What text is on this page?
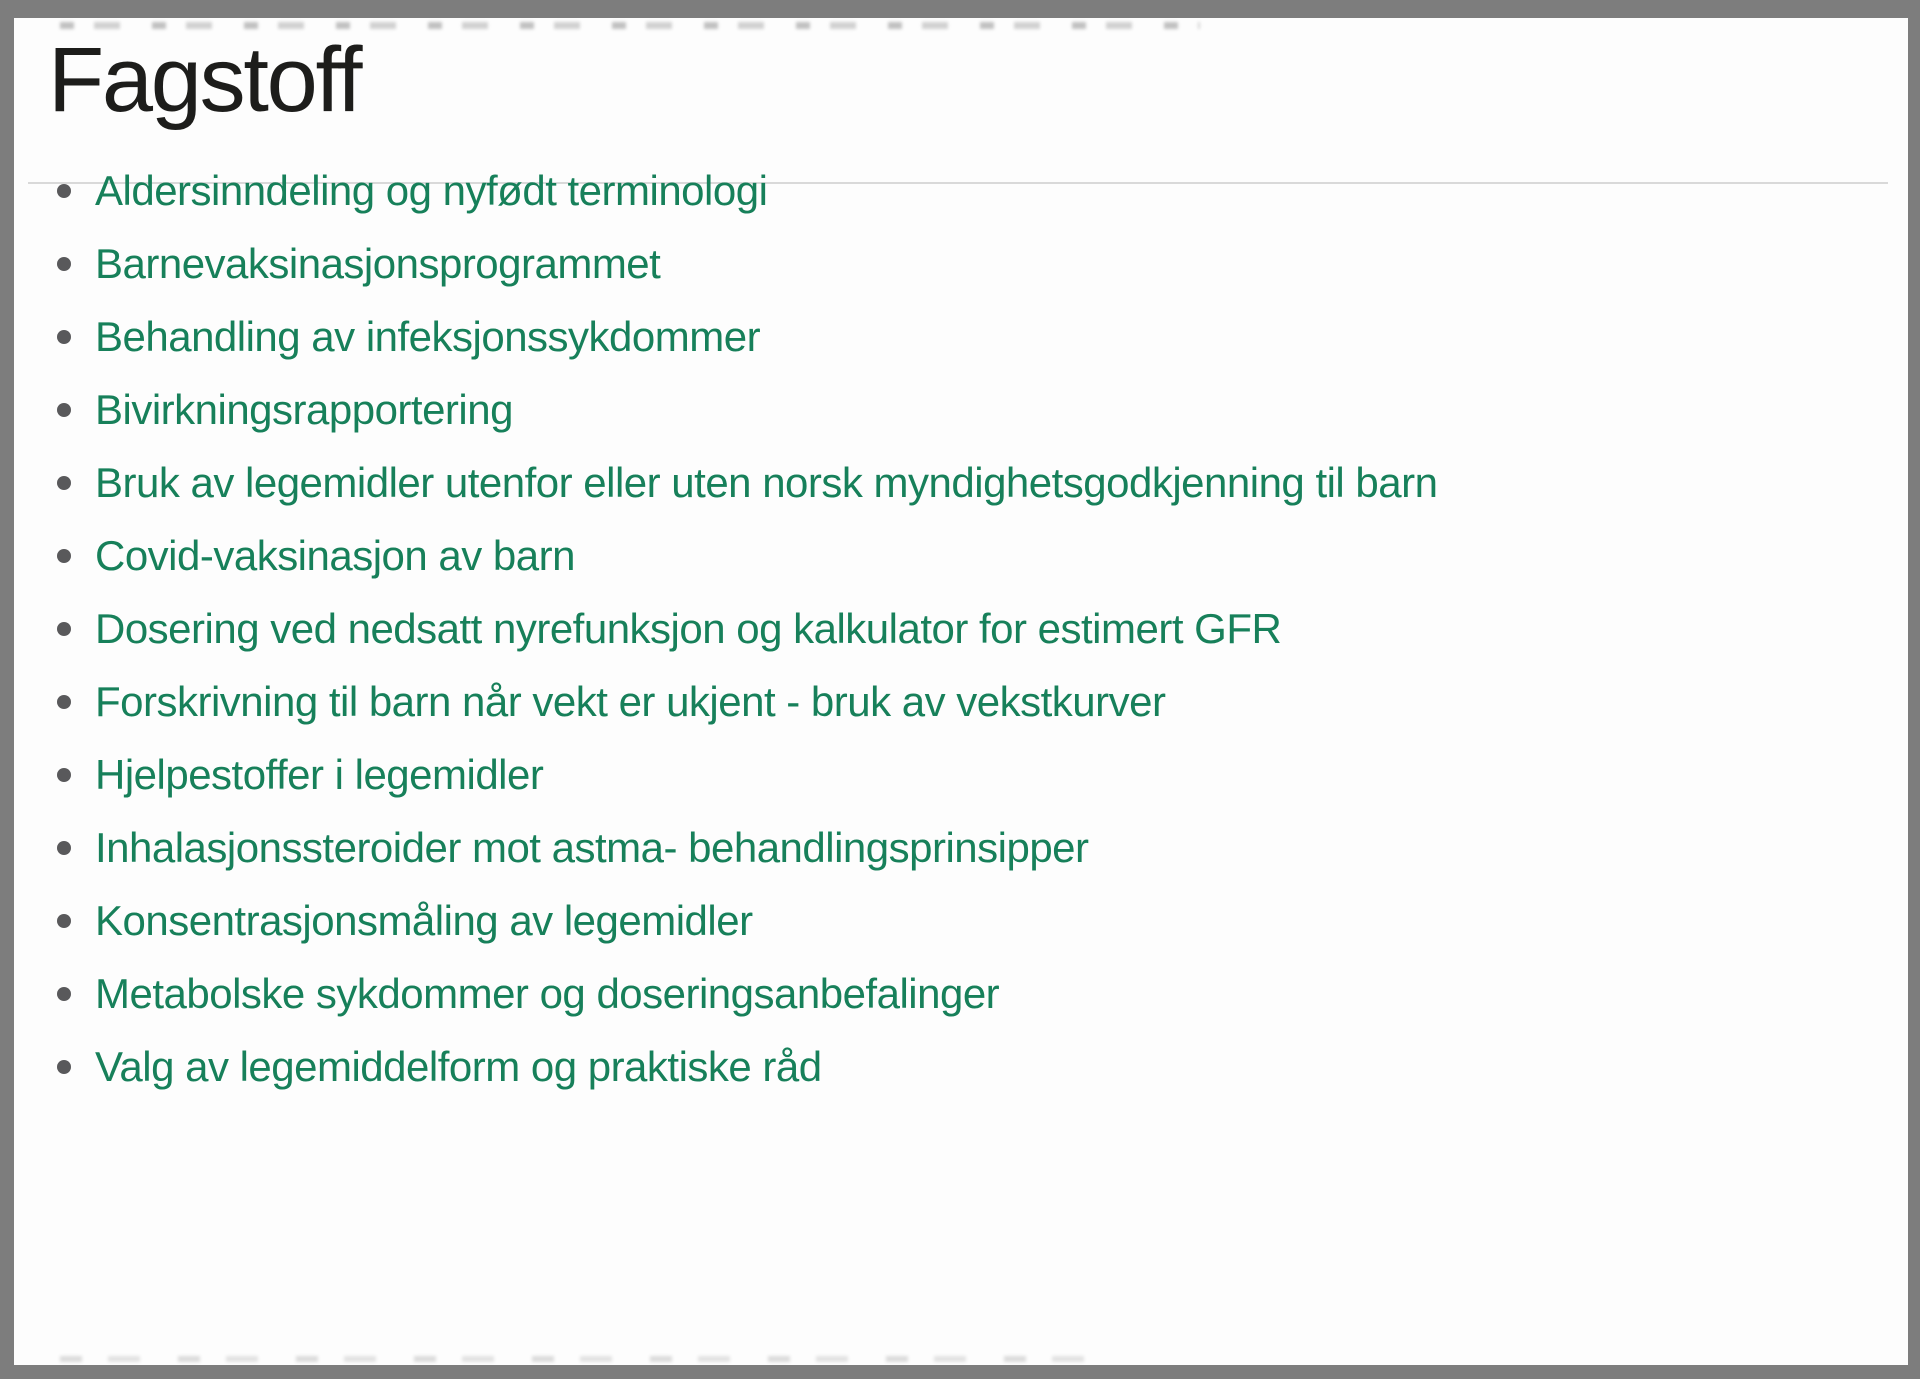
Fagstoff
Aldersinndeling og nyfødt terminologi
Barnevaksinasjonsprogrammet
Behandling av infeksjonssykdommer
Bivirkningsrapportering
Bruk av legemidler utenfor eller uten norsk myndighetsgodkjenning til barn
Covid-vaksinasjon av barn
Dosering ved nedsatt nyrefunksjon og kalkulator for estimert GFR
Forskrivning til barn når vekt er ukjent - bruk av vekstkurver
Hjelpestoffer i legemidler
Inhalasjonssteroider mot astma- behandlingsprinsipper
Konsentrasjonsmåling av legemidler
Metabolske sykdommer og doseringsanbefalinger
Valg av legemiddelform og praktiske råd
